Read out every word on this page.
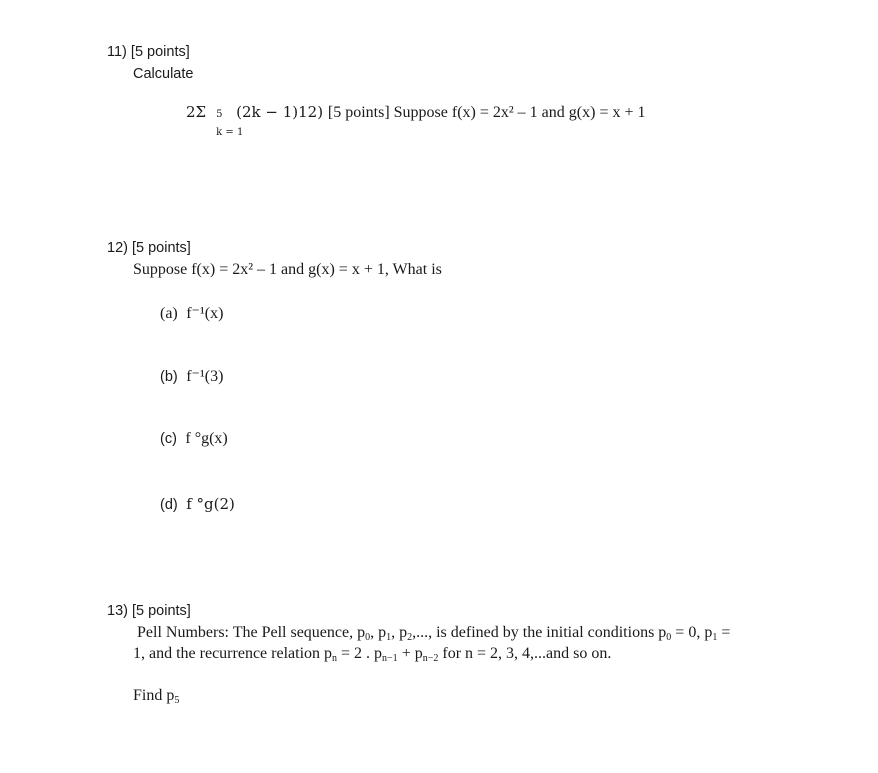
11) [5 points]
Calculate
2Σ 5
k = 1
(2k − 1)12) [5 points] Suppose f(x) = 2x² – 1 and g(x) = x + 1
12) [5 points]
Suppose f(x) = 2x² – 1 and g(x) = x + 1, What is
(a) f⁻¹(x)
(b) f⁻¹(3)
(c) f °g(x)
(d) f °g(2)
13) [5 points]
Pell Numbers: The Pell sequence, $p_0$, $p_1$, $p_2$,..., is defined by the initial conditions $p_0 = 0$, $p_1$ =
1, and the recurrence relation $p_n = 2$ . $p_{n-1} + p_{n-2}$ for n = 2, 3, 4,...and so on.
Find $p_5$
